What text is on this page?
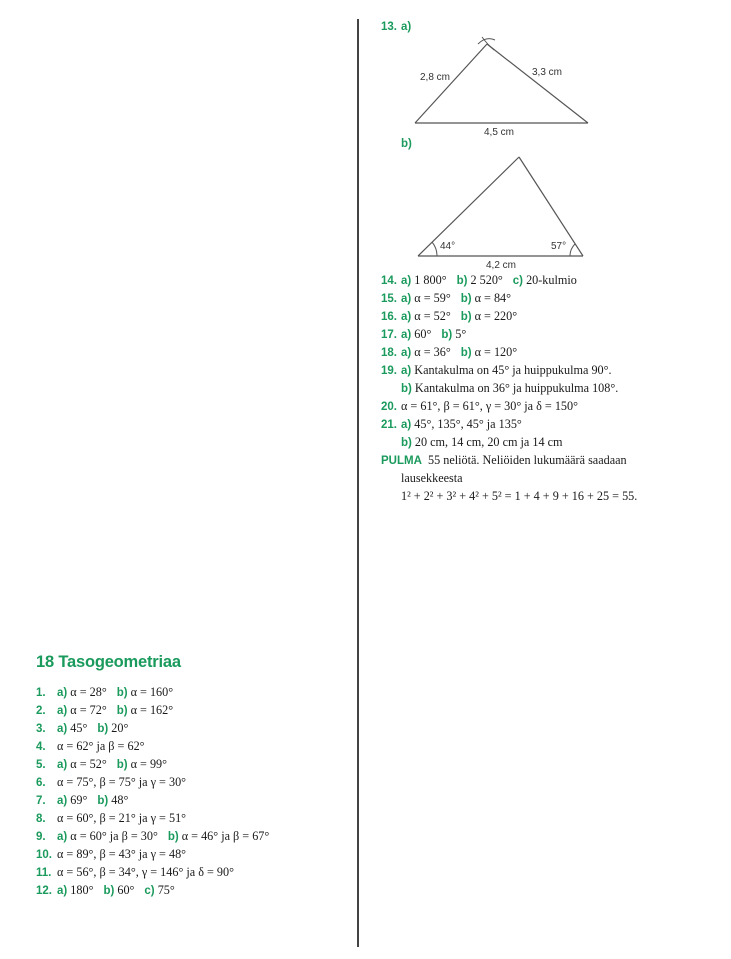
18 Tasogeometriaa
1. a) α = 28° b) α = 160°
2. a) α = 72° b) α = 162°
3. a) 45° b) 20°
4. α = 62° ja β = 62°
5. a) α = 52° b) α = 99°
6. α = 75°, β = 75° ja γ = 30°
7. a) 69° b) 48°
8. α = 60°, β = 21° ja γ = 51°
9. a) α = 60° ja β = 30° b) α = 46° ja β = 67°
10. α = 89°, β = 43° ja γ = 48°
11. α = 56°, β = 34°, γ = 146° ja δ = 90°
12. a) 180° b) 60° c) 75°
13. a)
b)
2,8 cm	3,3 cm
4,5 cm
44°	57°
4,2 cm
14. a) 1 800° b) 2 520° c) 20-kulmio
15. a) α = 59° b) α = 84°
16. a) α = 52° b) α = 220°
17. a) 60° b) 5°
18. a) α = 36° b) α = 120°
19. a) Kantakulma on 45° ja huippukulma 90°.
b) Kantakulma on 36° ja huippukulma 108°.
20. α = 61°, β = 61°, γ = 30° ja δ = 150°
21. a) 45°, 135°, 45° ja 135°
b) 20 cm, 14 cm, 20 cm ja 14 cm
PULMA 55 neliötä. Neliöiden lukumäärä saadaan
lausekkeesta
1² + 2² + 3² + 4² + 5² = 1 + 4 + 9 + 16 + 25 = 55.
